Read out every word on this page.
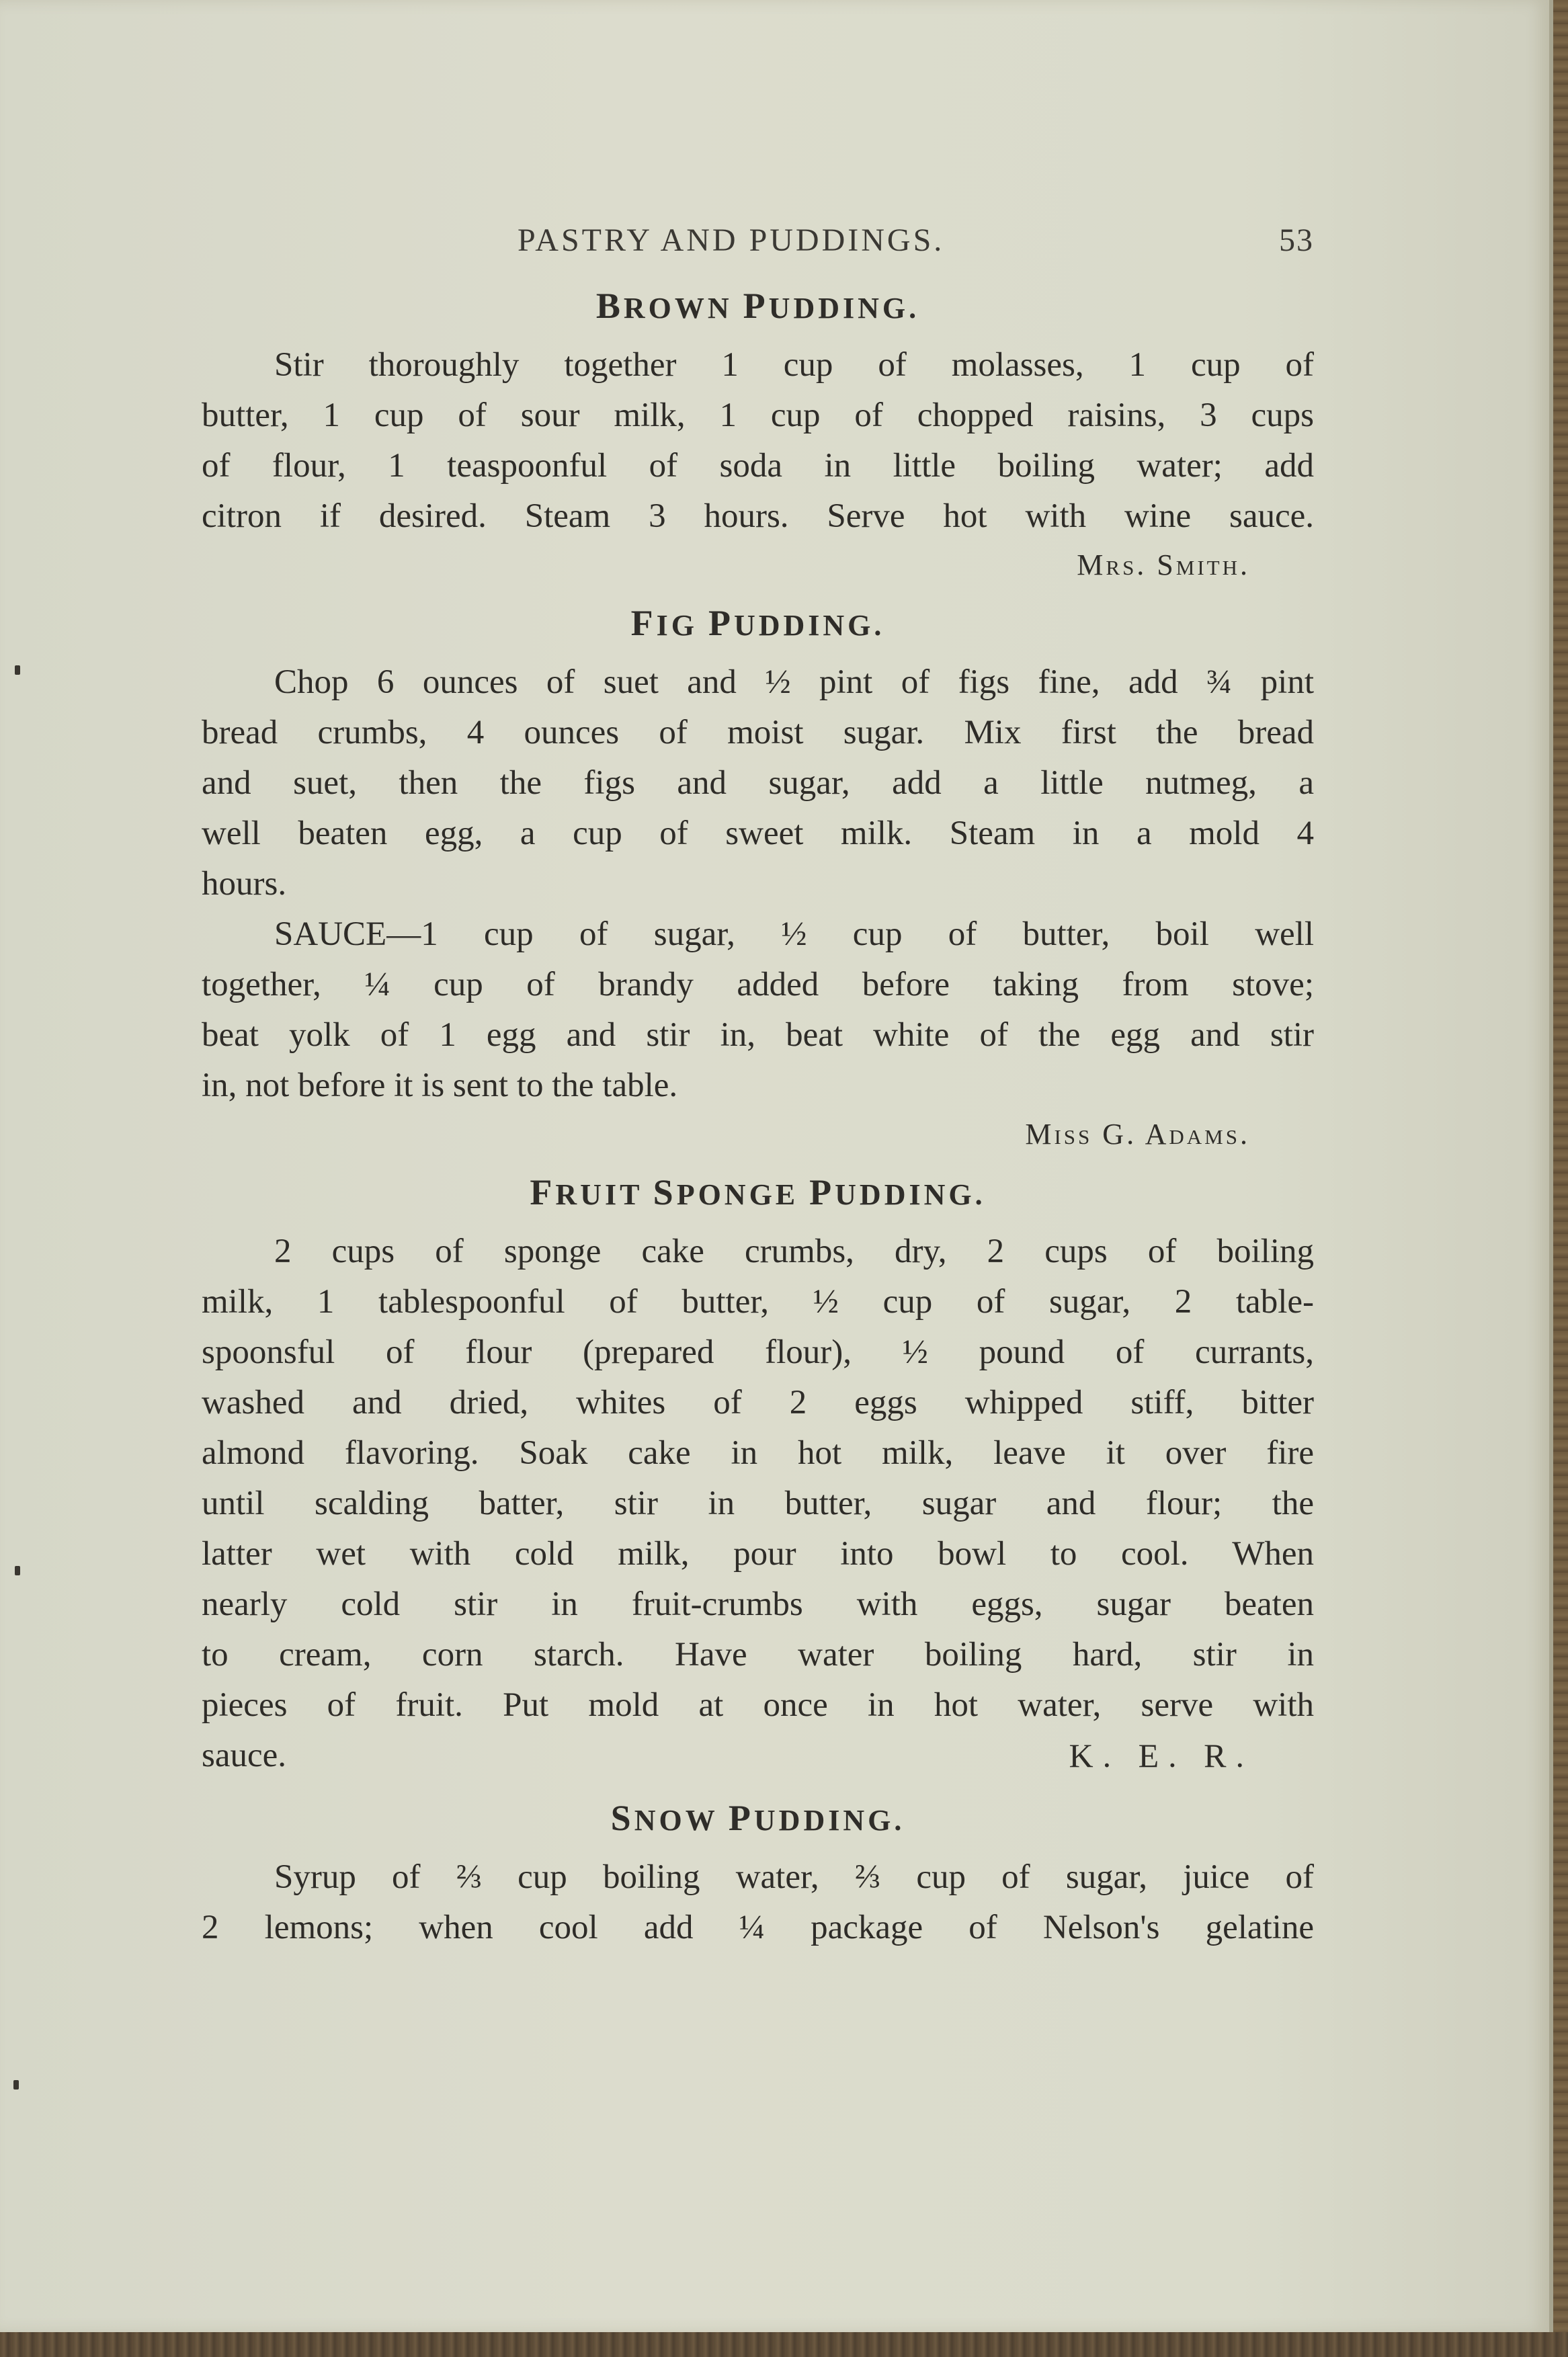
PASTRY AND PUDDINGS.	53
BROWN PUDDING.

Stir thoroughly together 1 cup of molasses, 1 cup of
butter, 1 cup of sour milk, 1 cup of chopped raisins, 3 cups
of flour, 1 teaspoonful of soda in little boiling water; add
citron if desired. Steam 3 hours. Serve hot with wine sauce.

Mrs. Smith.
FIG PUDDING.

Chop 6 ounces of suet and ½ pint of figs fine, add ¾ pint
bread crumbs, 4 ounces of moist sugar. Mix first the bread
and suet, then the figs and sugar, add a little nutmeg, a
well beaten egg, a cup of sweet milk. Steam in a mold 4
hours.

SAUCE—1 cup of sugar, ½ cup of butter, boil well
together, ¼ cup of brandy added before taking from stove;
beat yolk of 1 egg and stir in, beat white of the egg and stir
in, not before it is sent to the table.

Miss G. Adams.
FRUIT SPONGE PUDDING.

2 cups of sponge cake crumbs, dry, 2 cups of boiling
milk, 1 tablespoonful of butter, ½ cup of sugar, 2 table-
spoonsful of flour (prepared flour), ½ pound of currants,
washed and dried, whites of 2 eggs whipped stiff, bitter
almond flavoring. Soak cake in hot milk, leave it over fire
until scalding batter, stir in butter, sugar and flour; the
latter wet with cold milk, pour into bowl to cool. When
nearly cold stir in fruit-crumbs with eggs, sugar beaten
to cream, corn starch. Have water boiling hard, stir in
pieces of fruit. Put mold at once in hot water, serve with
sauce.	K. E. R.

SNOW PUDDING.

Syrup of ⅔ cup boiling water, ⅔ cup of sugar, juice of
2 lemons; when cool add ¼ package of Nelson's gelatine
